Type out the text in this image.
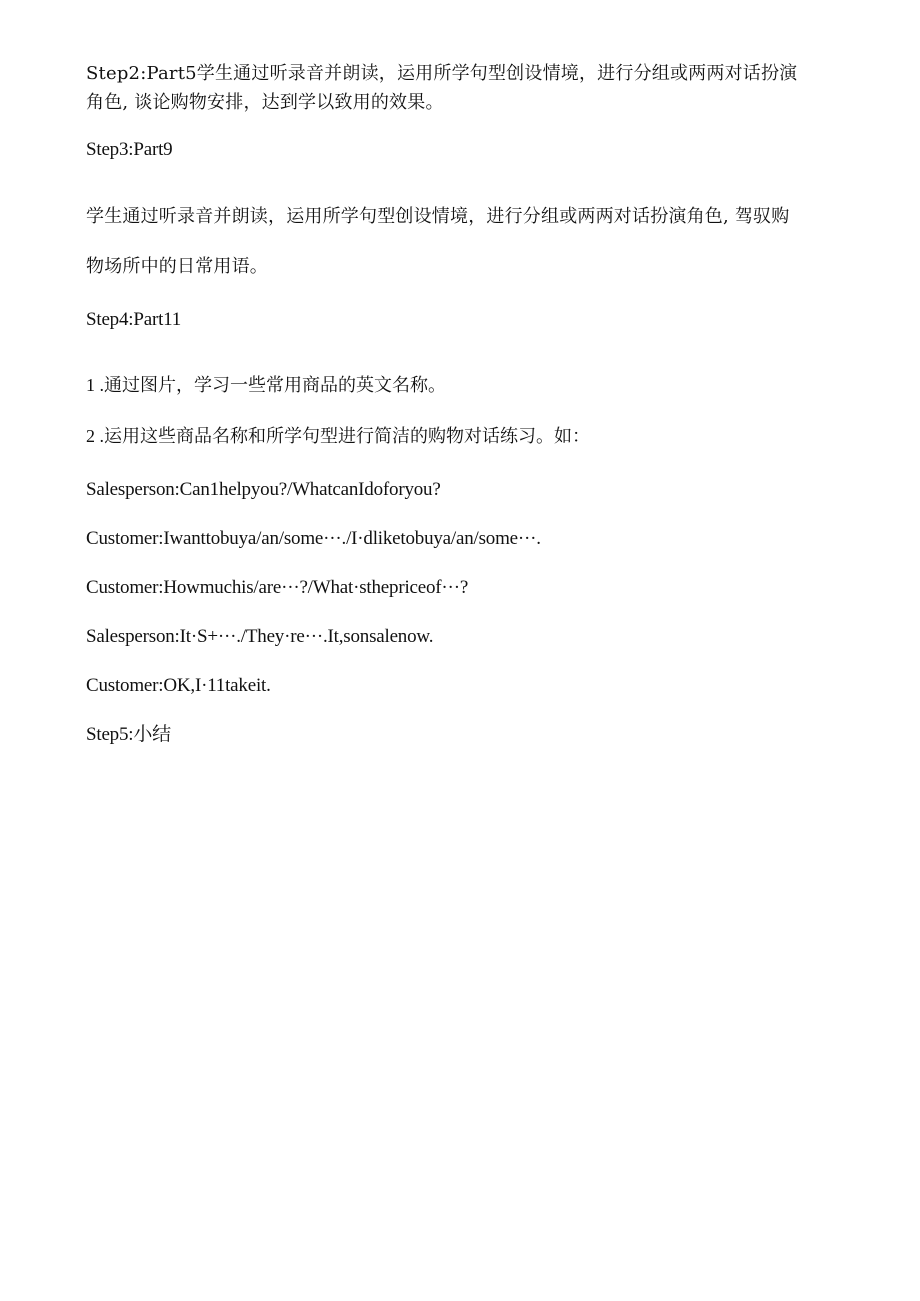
Step2:Part5学生通过听录音并朗读，运用所学句型创设情境，进行分组或两两对话扮演
角色, 谈论购物安排，达到学以致用的效果。
Step3:Part9
学生通过听录音并朗读，运用所学句型创设情境，进行分组或两两对话扮演角色, 驾驭购
物场所中的日常用语。
Step4:Part11
1 .通过图片，学习一些常用商品的英文名称。
2 .运用这些商品名称和所学句型进行简洁的购物对话练习。如：
Salesperson:Can1helpyou?/WhatcanIdoforyou?
Customer:Iwanttobuya/an/some···./I·dliketobuya/an/some···.
Customer:Howmuchis/are···?/What·sthepriceof···?
Salesperson:It·S+···./They·re···.It,sonsalenow.
Customer:OK,I·11takeit.
Step5:小结
